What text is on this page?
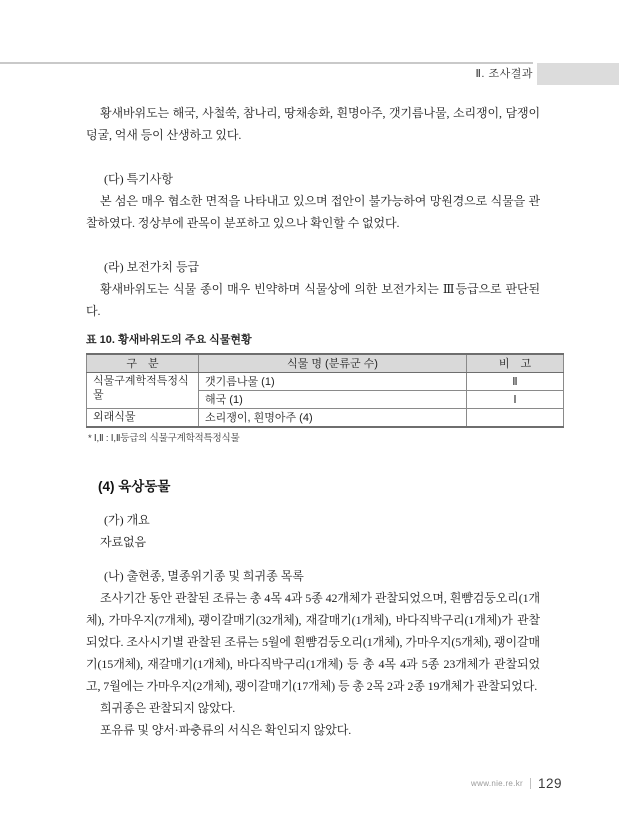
Ⅱ. 조사결과

황새바위도는 해국, 사철쑥, 참나리, 땅채송화, 흰명아주, 갯기름나물, 소리쟁이, 담쟁이덩굴, 억새 등이 산생하고 있다.

(다) 특기사항

본 섬은 매우 협소한 면적을 나타내고 있으며 접안이 불가능하여 망원경으로 식물을 관찰하였다. 정상부에 관목이 분포하고 있으나 확인할 수 없었다.

(라) 보전가치 등급

황새바위도는 식물 종이 매우 빈약하며 식물상에 의한 보전가치는 Ⅲ등급으로 판단된다.

표 10. 황새바위도의 주요 식물현황
구　분	식물 명 (분류군 수)	비　고
식물구계학적특정식물	갯기름나물 (1)	Ⅱ
	해국 (1)	Ⅰ
외래식물	소리쟁이, 흰명아주 (4)	
* Ⅰ,Ⅱ : Ⅰ,Ⅱ등급의 식물구계학적특정식물
(4) 육상동물
(가) 개요

자료없음

(나) 출현종, 멸종위기종 및 희귀종 목록

조사기간 동안 관찰된 조류는 총 4목 4과 5종 42개체가 관찰되었으며, 흰뺨검둥오리(1개체), 가마우지(7개체), 괭이갈매기(32개체), 재갈매기(1개체), 바다직박구리(1개체)가 관찰되었다. 조사시기별 관찰된 조류는 5월에 흰뺨검둥오리(1개체), 가마우지(5개체), 괭이갈매기(15개체), 재갈매기(1개체), 바다직박구리(1개체) 등 총 4목 4과 5종 23개체가 관찰되었고, 7월에는 가마우지(2개체), 괭이갈매기(17개체) 등 총 2목 2과 2종 19개체가 관찰되었다.

희귀종은 관찰되지 않았다.

포유류 및 양서·파충류의 서식은 확인되지 않았다.

www.nie.re.kr 129
